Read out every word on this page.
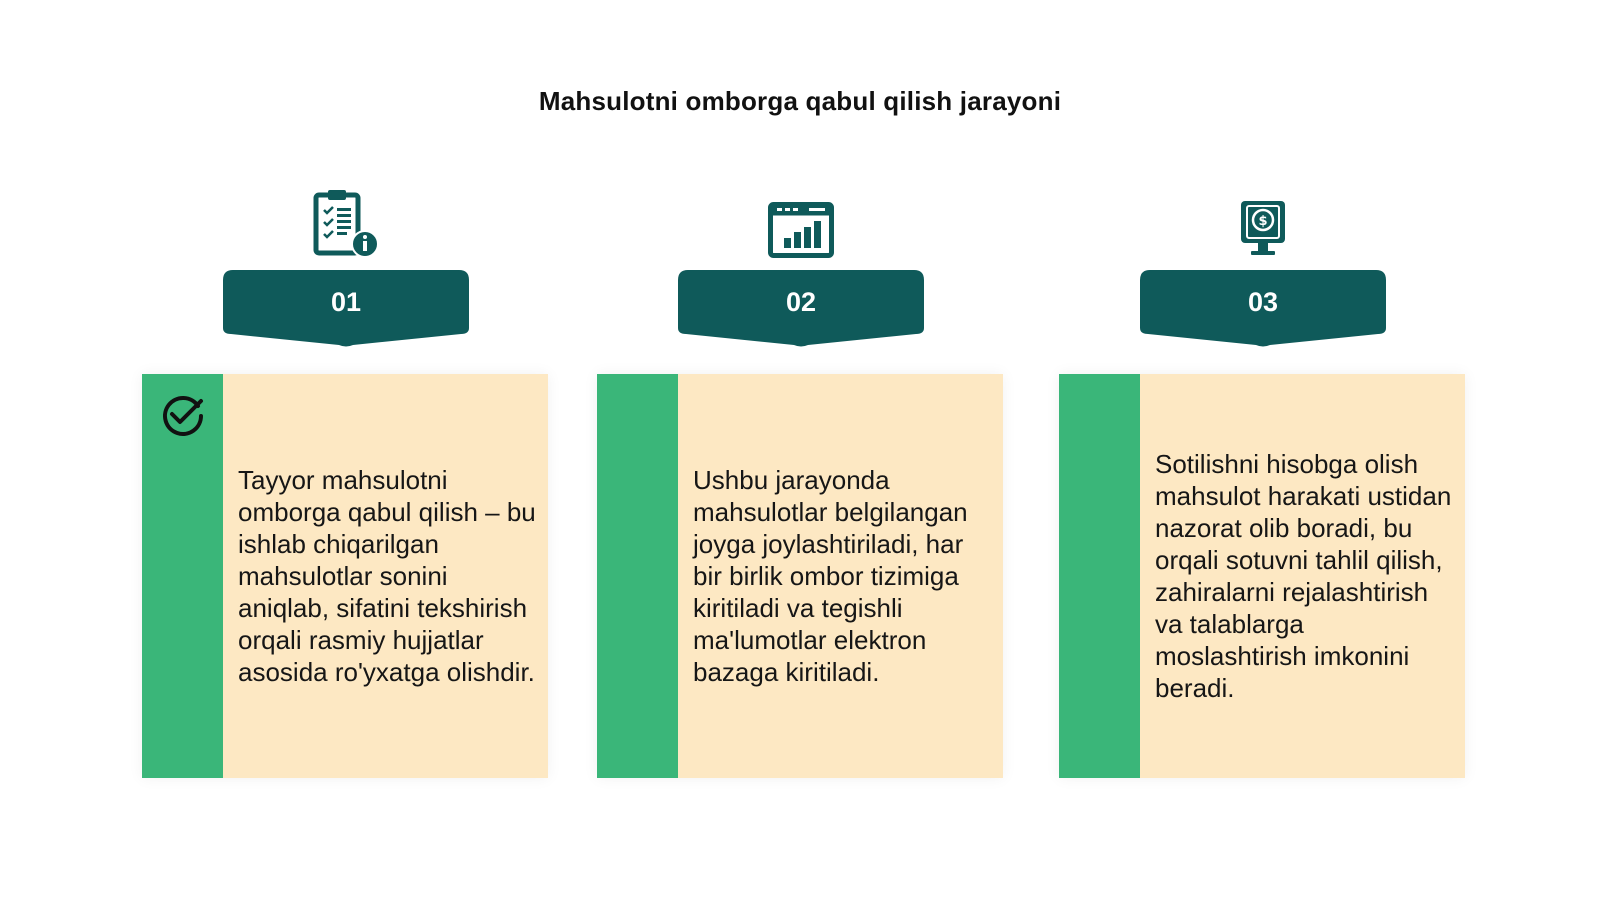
Mahsulotni omborga qabul qilish jarayoni
01
Tayyor mahsulotni omborga qabul qilish – bu ishlab chiqarilgan mahsulotlar sonini aniqlab, sifatini tekshirish orqali rasmiy hujjatlar asosida ro'yxatga olishdir.
02
Ushbu jarayonda mahsulotlar belgilangan joyga joylashtiriladi, har bir birlik ombor tizimiga kiritiladi va tegishli ma'lumotlar elektron bazaga kiritiladi.
$
03
Sotilishni hisobga olish mahsulot harakati ustidan nazorat olib boradi, bu orqali sotuvni tahlil qilish, zahiralarni rejalashtirish va talablarga moslashtirish imkonini beradi.
